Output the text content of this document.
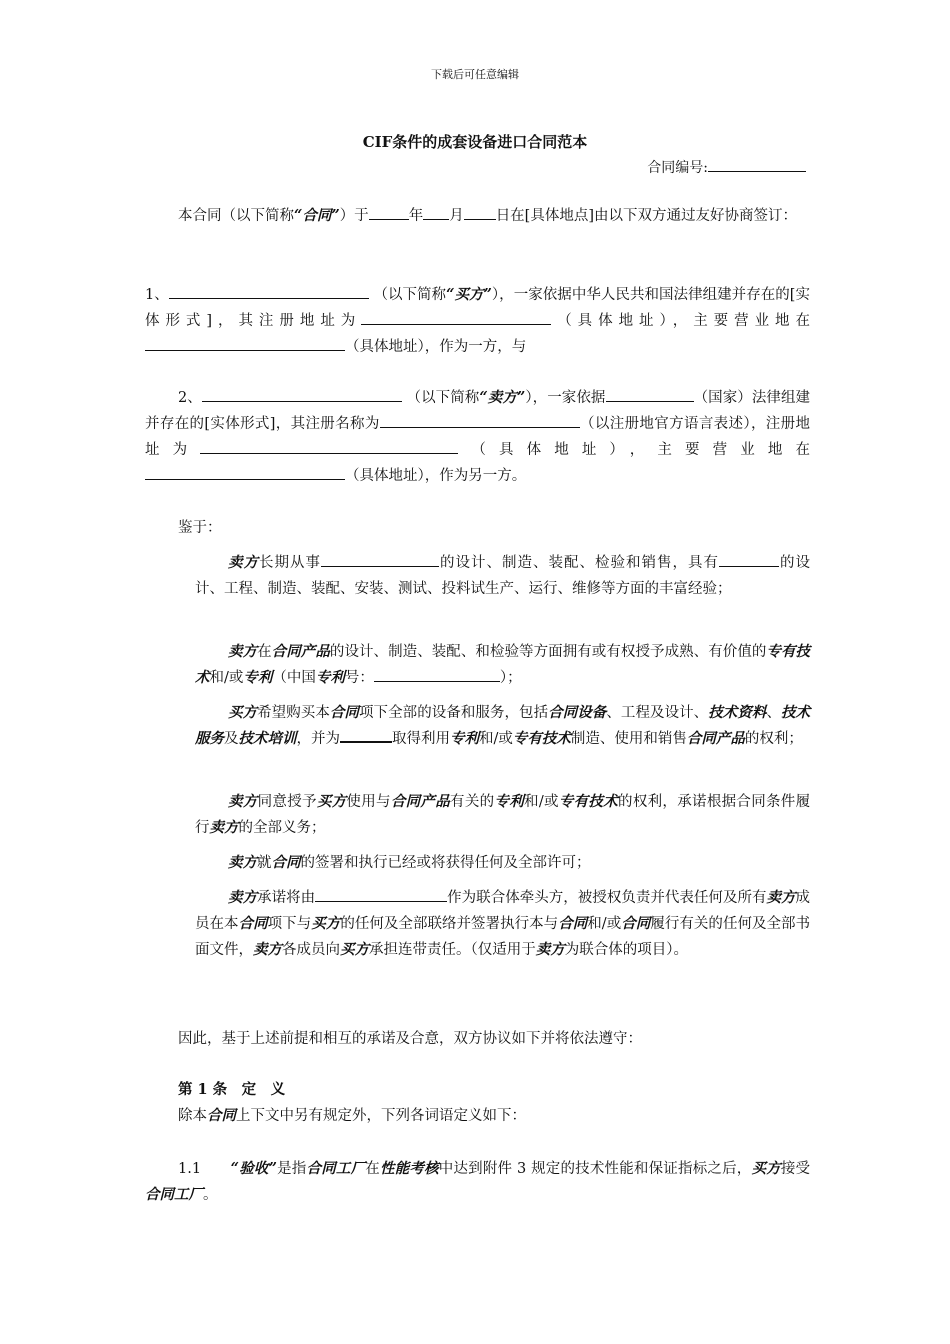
下载后可任意编辑
CIF条件的成套设备进口合同范本
合同编号:

本合同（以下简称“合同”）于	年 月 日在[具体地点]由以下双方通过友好协商签订：

1、	（以下简称“买方”），一家依据中华人民共和国法律组建并存在的[实体形式]，其注册地址为	（具体地址），主要营业地在（具体地址），作为一方，与

2、	（以下简称“卖方”），一家依据	（国家）法律组建并存在的[实体形式]，其注册名称为	（以注册地官方语言表述），注册地址为	（具体地址），主要营业地在（具体地址），作为另一方。

鉴于：

卖方长期从事	的设计、制造、装配、检验和销售，具有	的设计、工程、制造、装配、安装、测试、投料试生产、运行、维修等方面的丰富经验；

卖方在合同产品的设计、制造、装配、和检验等方面拥有或有权授予成熟、有价值的专有技术和/或专利（中国专利号：	）；

买方希望购买本合同项下全部的设备和服务，包括合同设备、工程及设计、技术资料、技术服务及技术培训，并为	取得利用专利和/或专有技术制造、使用和销售合同产品的权利；

卖方同意授予买方使用与合同产品有关的专利和/或专有技术的权利，承诺根据合同条件履行卖方的全部义务；

卖方就合同的签署和执行已经或将获得任何及全部许可；

卖方承诺将由	作为联合体牵头方，被授权负责并代表任何及所有卖方成员在本合同项下与买方的任何及全部联络并签署执行本与合同和/或合同履行有关的任何及全部书面文件，卖方各成员向买方承担连带责任。（仅适用于卖方为联合体的项目）。

因此，基于上述前提和相互的承诺及合意，双方协议如下并将依法遵守：

第 1 条　定　义

除本合同上下文中另有规定外，下列各词语定义如下：

1.1　　 “验收”是指合同工厂在性能考核中达到附件 3 规定的技术性能和保证指标之后，买方接受合同工厂。
